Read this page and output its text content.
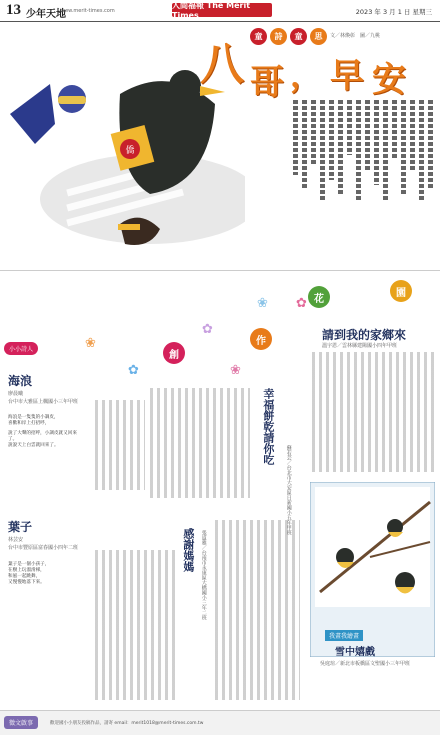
13 少年天地
www.merit-times.com
人間福報 The Merit Times	2023 年 3 月 1 日 星期三
僑
童	詩	童	思	文／林煥彰　圖／九桃
八 哥 ， 早 安
✿
❀
✿
❀
✿	❀
創
作
花
園
小小詩人
海浪
廖晨曦
台中市大雅區上楓國小三年甲班
海浪是一隻隻的小調皮，
喜歡和岸上打招呼，
說了大聲的招呼，小調皮就又回來了。
說說天上白雲就回來了。
葉子
林芸安
台中市豐原區富春國小四年二班
葉子是一個小孩子，
在樹上玩溜滑梯，
和風一起跳舞，
又慢慢地落下來。
請到我的家鄉來
溫宇恩／雲林縣建陽國小四年甲班
幸福餅乾請你吃
蘇若芸／台北市大安區日新國小五年甲班
感謝媽媽 張道雅／台南市永康區大橋國小三年二班
我畫我繪畫
雪中嬉戲
吳庭瑄／新北市板橋區文聖國小三年甲班
徵文啟事	歡迎國小小朋友投稿作品，請寄 email：merit1018@merit-times.com.tw
